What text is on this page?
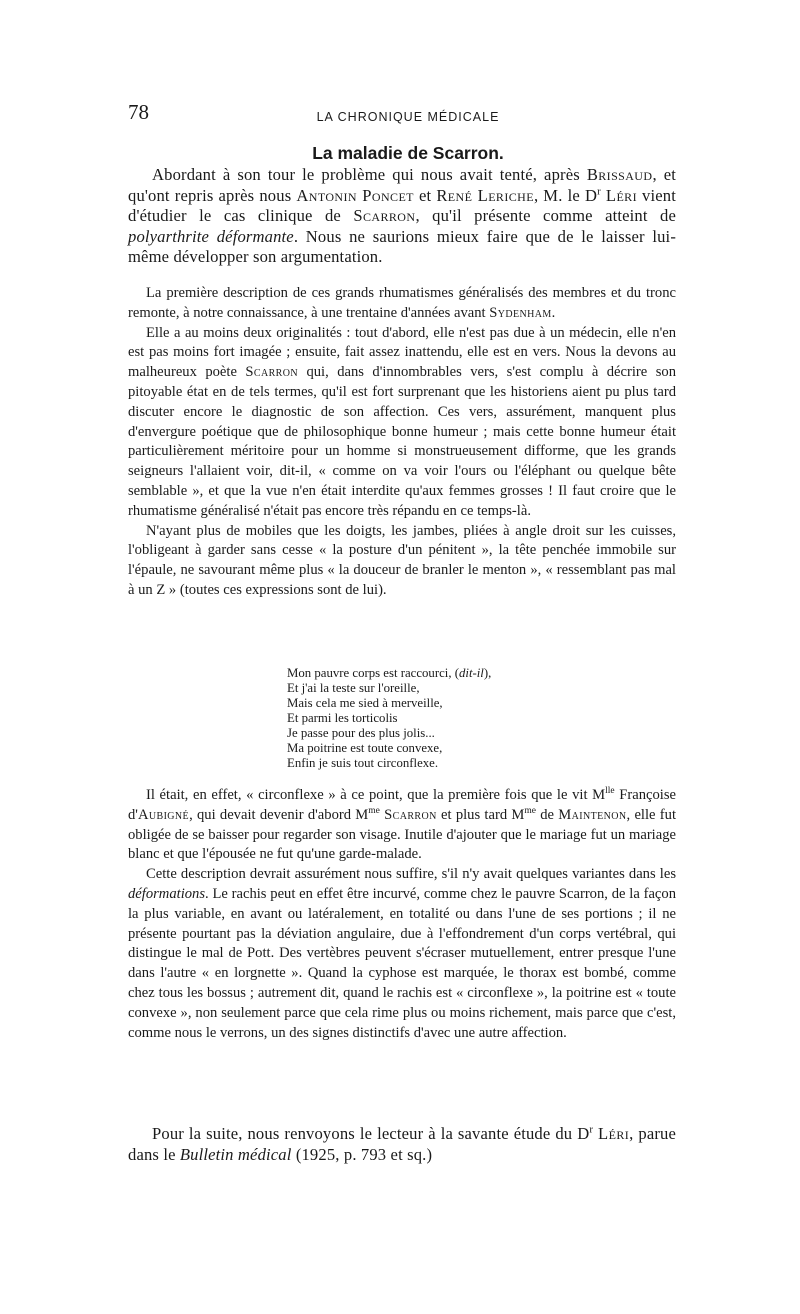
78	LA CHRONIQUE MÉDICALE
La maladie de Scarron.

Abordant à son tour le problème qui nous avait tenté, après Brissaud, et qu'ont repris après nous Antonin Poncet et René Leriche, M. le $D^r$ Léri vient d'étudier le cas clinique de Scarron, qu'il présente comme atteint de polyarthrite déformante. Nous ne saurions mieux faire que de le laisser lui-même développer son argumentation.

La première description de ces grands rhumatismes généralisés des membres et du tronc remonte, à notre connaissance, à une trentaine d'années avant Sydenham.

Elle a au moins deux originalités : tout d'abord, elle n'est pas due à un médecin, elle n'en est pas moins fort imagée ; ensuite, fait assez inattendu, elle est en vers. Nous la devons au malheureux poète Scarron qui, dans d'innombrables vers, s'est complu à décrire son pitoyable état en de tels termes, qu'il est fort surprenant que les historiens aient pu plus tard discuter encore le diagnostic de son affection. Ces vers, assurément, manquent plus d'envergure poétique que de philosophique bonne humeur ; mais cette bonne humeur était particulièrement méritoire pour un homme si monstrueusement difforme, que les grands seigneurs l'allaient voir, dit-il, « comme on va voir l'ours ou l'éléphant ou quelque bête semblable », et que la vue n'en était interdite qu'aux femmes grosses ! Il faut croire que le rhumatisme généralisé n'était pas encore très répandu en ce temps-là.

N'ayant plus de mobiles que les doigts, les jambes, pliées à angle droit sur les cuisses, l'obligeant à garder sans cesse « la posture d'un pénitent », la tête penchée immobile sur l'épaule, ne savourant même plus « la douceur de branler le menton », « ressemblant pas mal à un Z » (toutes ces expressions sont de lui).

Mon pauvre corps est raccourci, (dit-il),
Et j'ai la teste sur l'oreille,
Mais cela me sied à merveille,
Et parmi les torticolis
Je passe pour des plus jolis...
Ma poitrine est toute convexe,
Enfin je suis tout circonflexe.

Il était, en effet, « circonflexe » à ce point, que la première fois que le vit $M^{lle}$ Françoise d'Aubigné, qui devait devenir d'abord $M^{me}$ Scarron et plus tard $M^{me}$ de Maintenon, elle fut obligée de se baisser pour regarder son visage. Inutile d'ajouter que le mariage fut un mariage blanc et que l'épousée ne fut qu'une garde-malade.

Cette description devrait assurément nous suffire, s'il n'y avait quelques variantes dans les déformations. Le rachis peut en effet être incurvé, comme chez le pauvre Scarron, de la façon la plus variable, en avant ou latéralement, en totalité ou dans l'une de ses portions ; il ne présente pourtant pas la déviation angulaire, due à l'effondrement d'un corps vertébral, qui distingue le mal de Pott. Des vertèbres peuvent s'écraser mutuellement, entrer presque l'une dans l'autre « en lorgnette ». Quand la cyphose est marquée, le thorax est bombé, comme chez tous les bossus ; autrement dit, quand le rachis est « circonflexe », la poitrine est « toute convexe », non seulement parce que cela rime plus ou moins richement, mais parce que c'est, comme nous le verrons, un des signes distinctifs d'avec une autre affection.

Pour la suite, nous renvoyons le lecteur à la savante étude du $D^r$ Léri, parue dans le Bulletin médical (1925, p. 793 et sq.)
